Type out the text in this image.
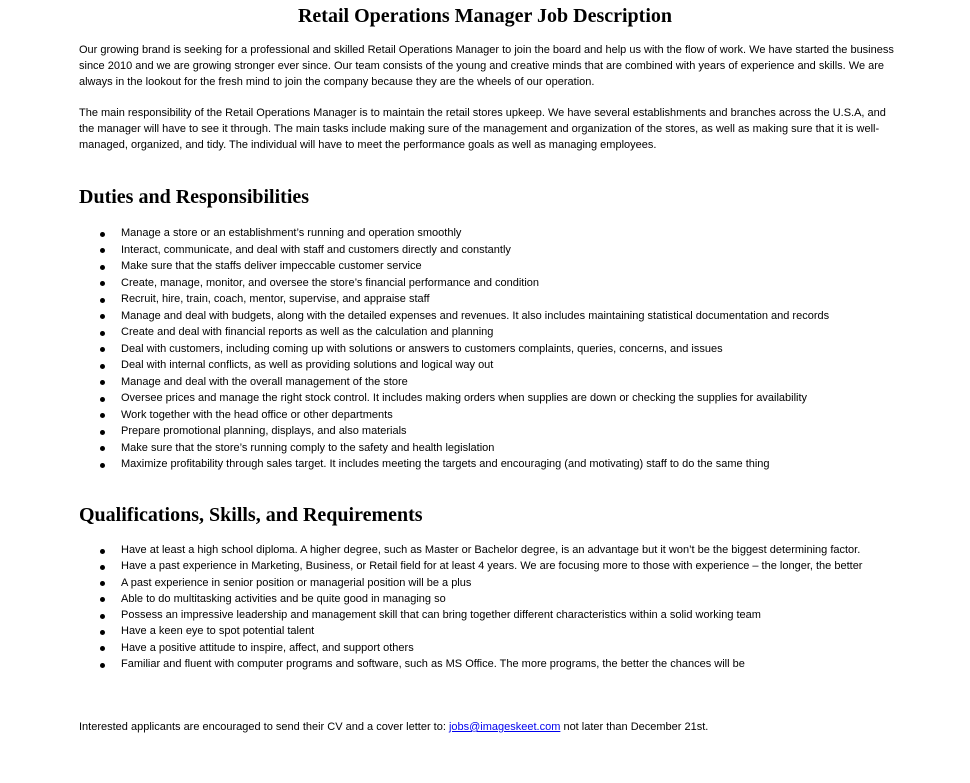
Retail Operations Manager Job Description

Our growing brand is seeking for a professional and skilled Retail Operations Manager to join the board and help us with the flow of work. We have started the business since 2010 and we are growing stronger ever since. Our team consists of the young and creative minds that are combined with years of experience and skills. We are always in the lookout for the fresh mind to join the company because they are the wheels of our operation.

The main responsibility of the Retail Operations Manager is to maintain the retail stores upkeep. We have several establishments and branches across the U.S.A, and the manager will have to see it through. The main tasks include making sure of the management and organization of the stores, as well as making sure that it is well-managed, organized, and tidy. The individual will have to meet the performance goals as well as managing employees.

Duties and Responsibilities
Manage a store or an establishment’s running and operation smoothly
Interact, communicate, and deal with staff and customers directly and constantly
Make sure that the staffs deliver impeccable customer service
Create, manage, monitor, and oversee the store’s financial performance and condition
Recruit, hire, train, coach, mentor, supervise, and appraise staff
Manage and deal with budgets, along with the detailed expenses and revenues. It also includes maintaining statistical documentation and records
Create and deal with financial reports as well as the calculation and planning
Deal with customers, including coming up with solutions or answers to customers complaints, queries, concerns, and issues
Deal with internal conflicts, as well as providing solutions and logical way out
Manage and deal with the overall management of the store
Oversee prices and manage the right stock control. It includes making orders when supplies are down or checking the supplies for availability
Work together with the head office or other departments
Prepare promotional planning, displays, and also materials
Make sure that the store’s running comply to the safety and health legislation
Maximize profitability through sales target. It includes meeting the targets and encouraging (and motivating) staff to do the same thing
Qualifications, Skills, and Requirements
Have at least a high school diploma. A higher degree, such as Master or Bachelor degree, is an advantage but it won’t be the biggest determining factor.
Have a past experience in Marketing, Business, or Retail field for at least 4 years. We are focusing more to those with experience – the longer, the better
A past experience in senior position or managerial position will be a plus
Able to do multitasking activities and be quite good in managing so
Possess an impressive leadership and management skill that can bring together different characteristics within a solid working team
Have a keen eye to spot potential talent
Have a positive attitude to inspire, affect, and support others
Familiar and fluent with computer programs and software, such as MS Office. The more programs, the better the chances will be

Interested applicants are encouraged to send their CV and a cover letter to: jobs@imageskeet.com not later than December 21st.
